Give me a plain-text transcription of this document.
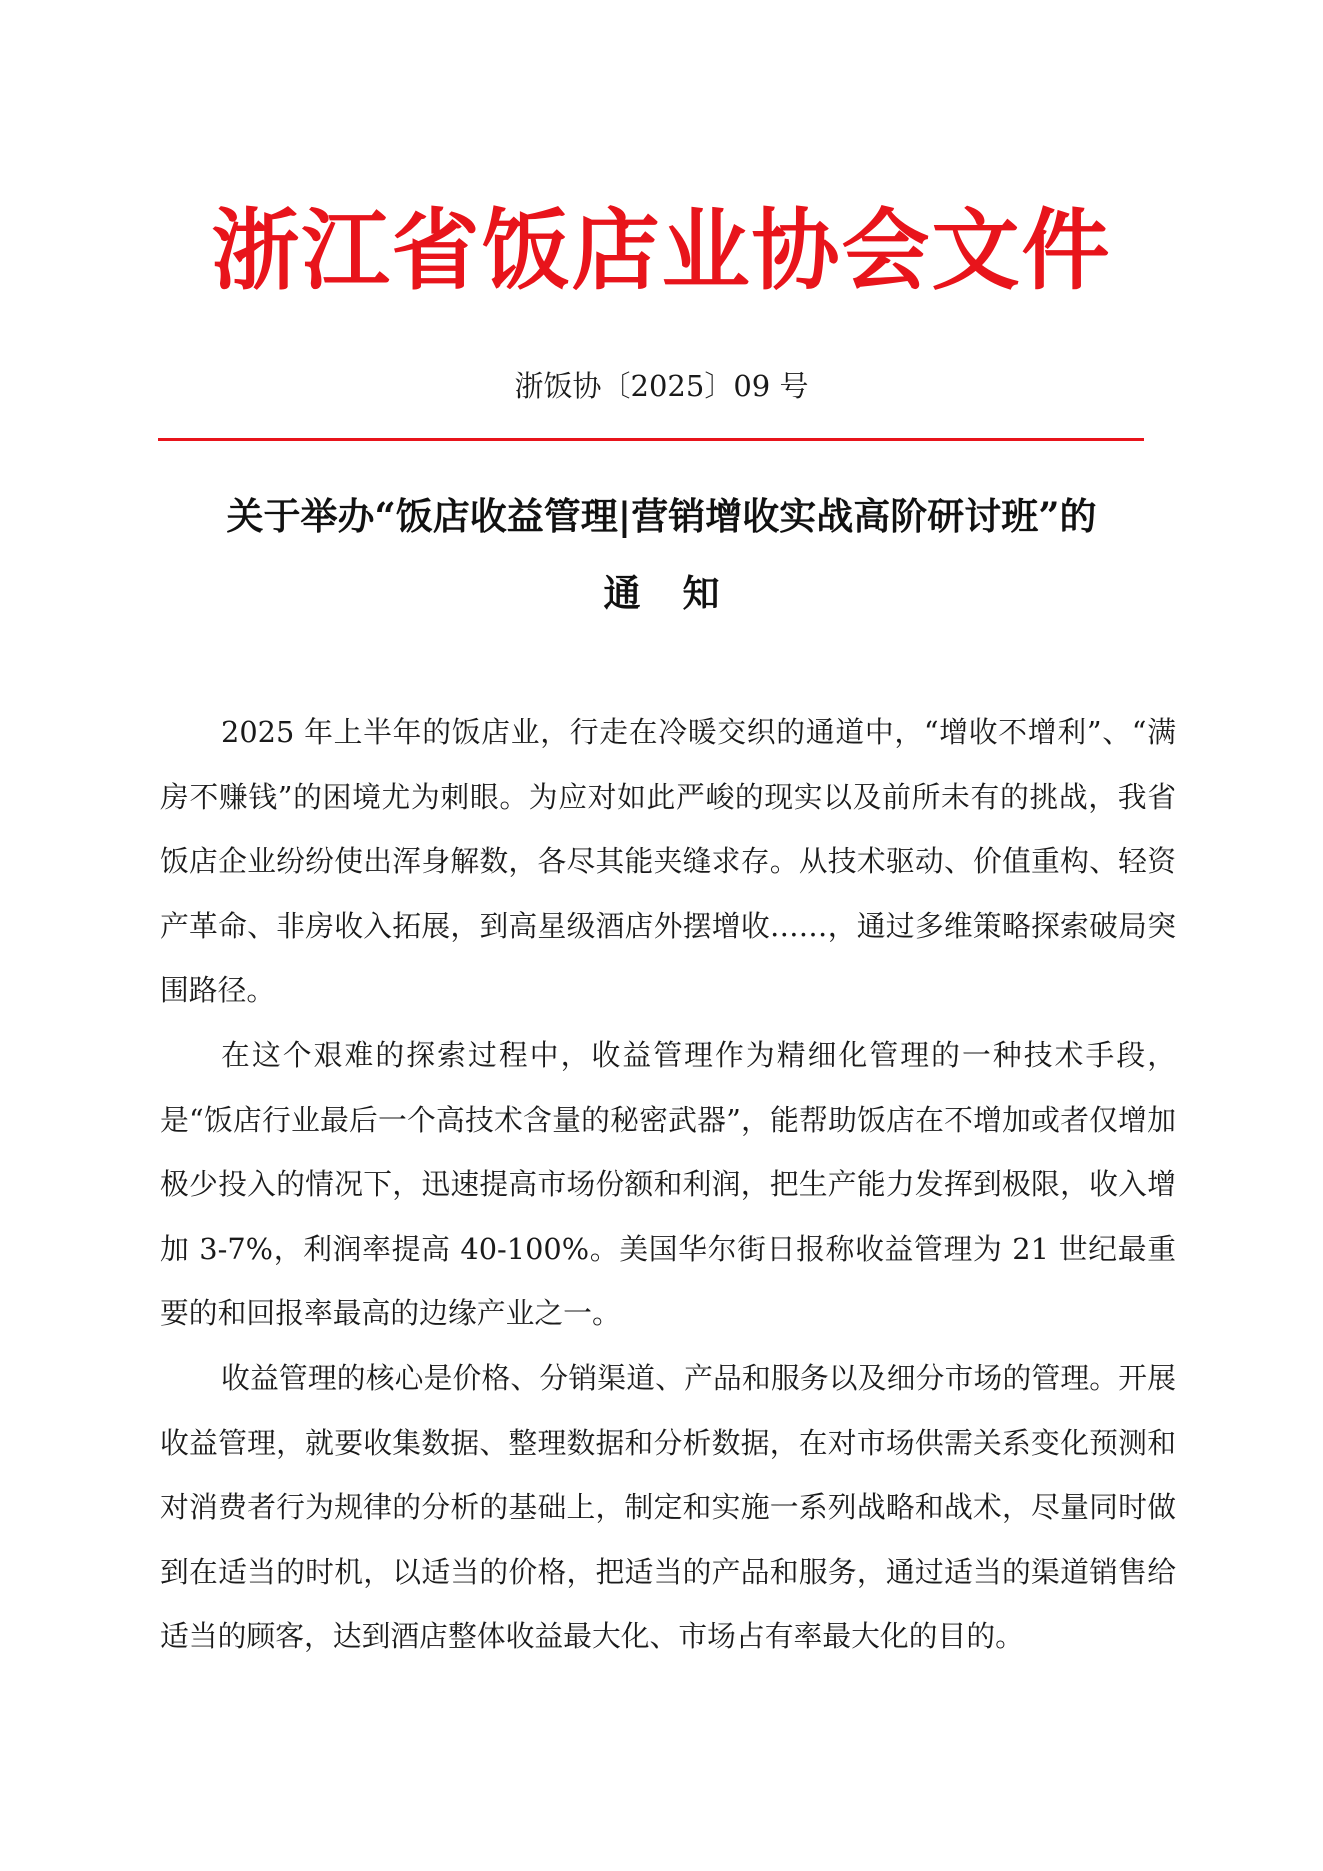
浙江省饭店业协会文件
浙饭协〔2025〕09 号
关于举办“饭店收益管理|营销增收实战高阶研讨班”的
通知

2025 年上半年的饭店业，行走在冷暖交织的通道中，“增收不增利”、“满房不赚钱”的困境尤为刺眼。为应对如此严峻的现实以及前所未有的挑战，我省饭店企业纷纷使出浑身解数，各尽其能夹缝求存。从技术驱动、价值重构、轻资产革命、非房收入拓展，到高星级酒店外摆增收……，通过多维策略探索破局突围路径。

在这个艰难的探索过程中，收益管理作为精细化管理的一种技术手段，是“饭店行业最后一个高技术含量的秘密武器”，能帮助饭店在不增加或者仅增加极少投入的情况下，迅速提高市场份额和利润，把生产能力发挥到极限，收入增加 3-7%，利润率提高 40-100%。美国华尔街日报称收益管理为 21 世纪最重要的和回报率最高的边缘产业之一。

收益管理的核心是价格、分销渠道、产品和服务以及细分市场的管理。开展收益管理，就要收集数据、整理数据和分析数据，在对市场供需关系变化预测和对消费者行为规律的分析的基础上，制定和实施一系列战略和战术，尽量同时做到在适当的时机，以适当的价格，把适当的产品和服务，通过适当的渠道销售给适当的顾客，达到酒店整体收益最大化、市场占有率最大化的目的。
